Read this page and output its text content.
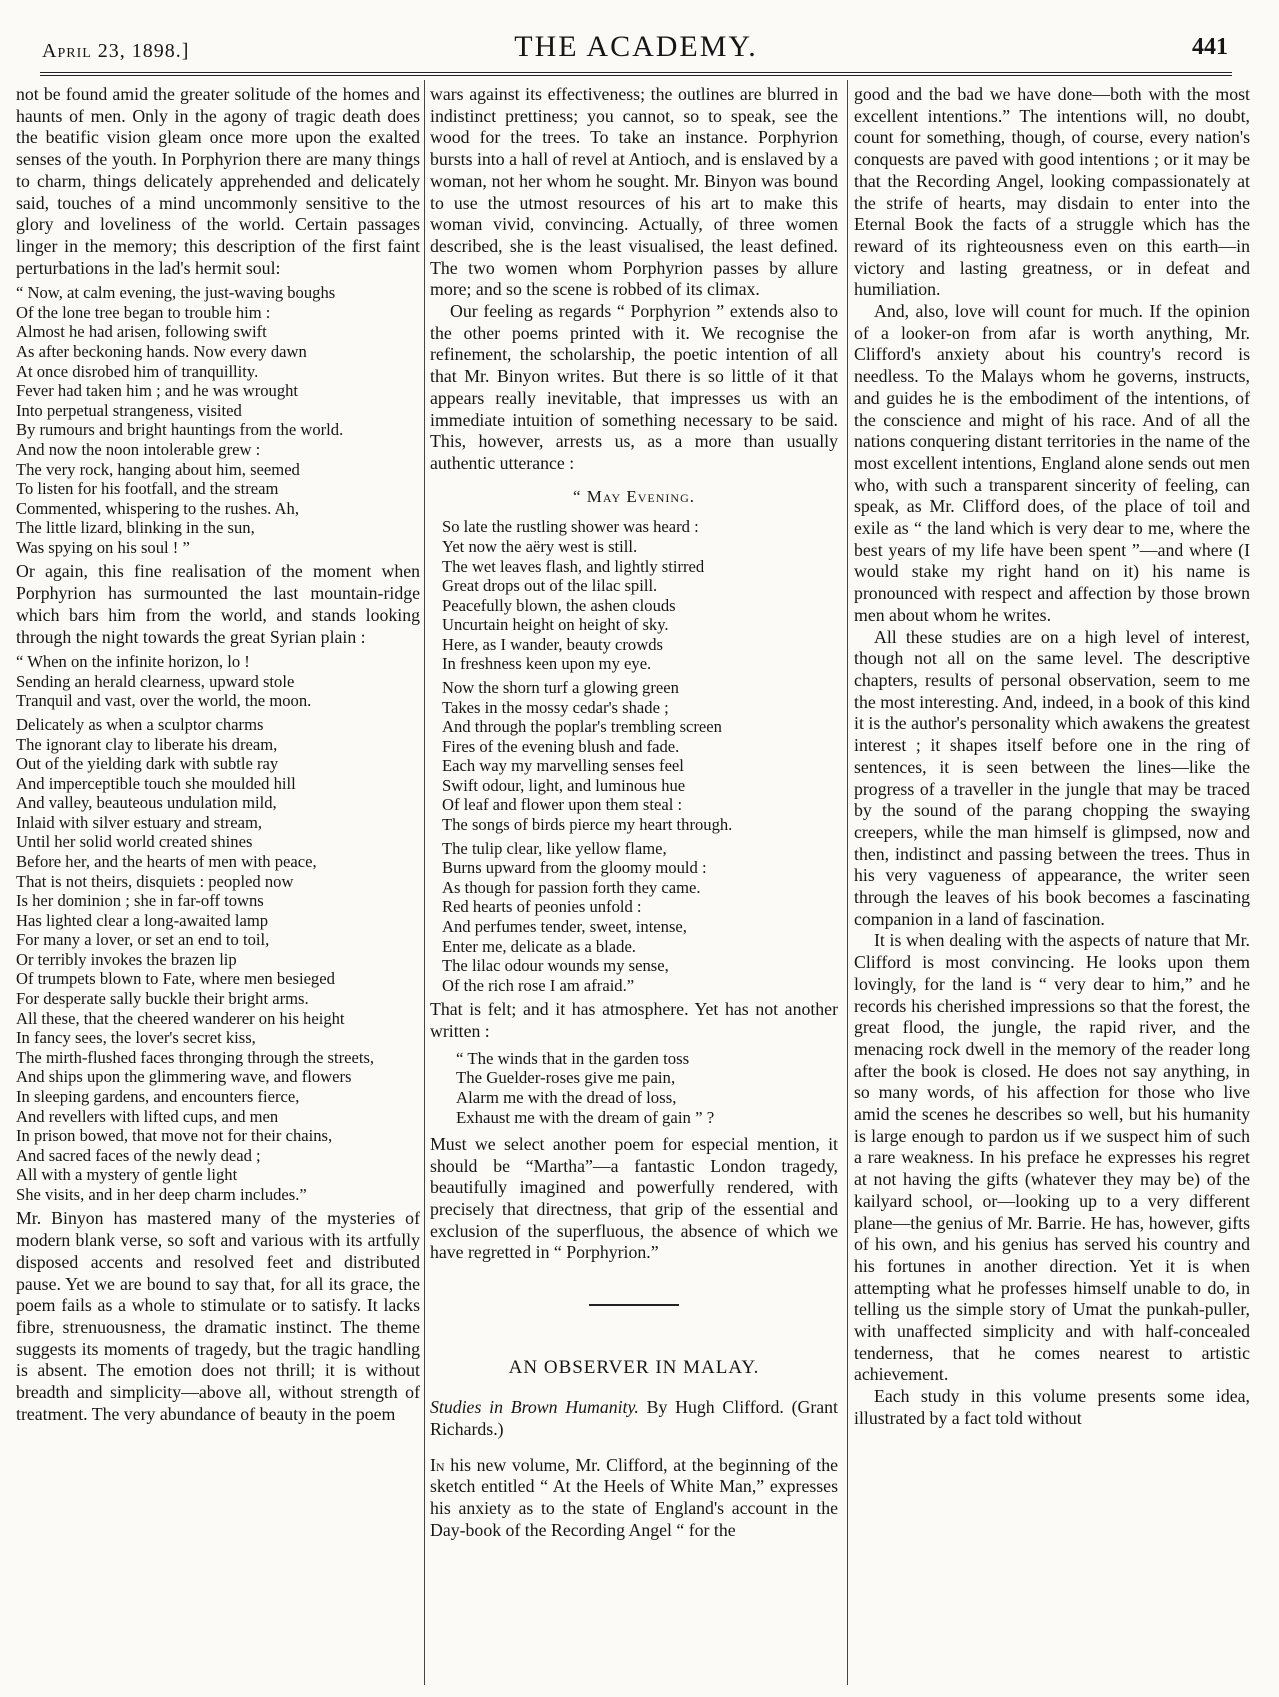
April 23, 1898.]	THE ACADEMY.	441

not be found amid the greater solitude of the homes and haunts of men. Only in the agony of tragic death does the beatific vision gleam once more upon the exalted senses of the youth. In Porphyrion there are many things to charm, things delicately apprehended and delicately said, touches of a mind uncommonly sensitive to the glory and loveliness of the world. Certain passages linger in the memory; this description of the first faint perturbations in the lad's hermit soul:

“ Now, at calm evening, the just-waving boughs
Of the lone tree began to trouble him :
Almost he had arisen, following swift
As after beckoning hands. Now every dawn
At once disrobed him of tranquillity.
Fever had taken him ; and he was wrought
Into perpetual strangeness, visited
By rumours and bright hauntings from the world.
And now the noon intolerable grew :
The very rock, hanging about him, seemed
To listen for his footfall, and the stream
Commented, whispering to the rushes. Ah,
The little lizard, blinking in the sun,
Was spying on his soul ! ”

Or again, this fine realisation of the moment when Porphyrion has surmounted the last mountain-ridge which bars him from the world, and stands looking through the night towards the great Syrian plain :

“ When on the infinite horizon, lo !
Sending an herald clearness, upward stole
Tranquil and vast, over the world, the moon.
Delicately as when a sculptor charms
The ignorant clay to liberate his dream,
Out of the yielding dark with subtle ray
And imperceptible touch she moulded hill
And valley, beauteous undulation mild,
Inlaid with silver estuary and stream,
Until her solid world created shines
Before her, and the hearts of men with peace,
That is not theirs, disquiets : peopled now
Is her dominion ; she in far-off towns
Has lighted clear a long-awaited lamp
For many a lover, or set an end to toil,
Or terribly invokes the brazen lip
Of trumpets blown to Fate, where men besieged
For desperate sally buckle their bright arms.
All these, that the cheered wanderer on his height
In fancy sees, the lover's secret kiss,
The mirth-flushed faces thronging through the streets,
And ships upon the glimmering wave, and flowers
In sleeping gardens, and encounters fierce,
And revellers with lifted cups, and men
In prison bowed, that move not for their chains,
And sacred faces of the newly dead ;
All with a mystery of gentle light
She visits, and in her deep charm includes.”

Mr. Binyon has mastered many of the mysteries of modern blank verse, so soft and various with its artfully disposed accents and resolved feet and distributed pause. Yet we are bound to say that, for all its grace, the poem fails as a whole to stimulate or to satisfy. It lacks fibre, strenuousness, the dramatic instinct. The theme suggests its moments of tragedy, but the tragic handling is absent. The emotion does not thrill; it is without breadth and simplicity—above all, without strength of treatment. The very abundance of beauty in the poem

wars against its effectiveness; the outlines are blurred in indistinct prettiness; you cannot, so to speak, see the wood for the trees. To take an instance. Porphyrion bursts into a hall of revel at Antioch, and is enslaved by a woman, not her whom he sought. Mr. Binyon was bound to use the utmost resources of his art to make this woman vivid, convincing. Actually, of three women described, she is the least visualised, the least defined. The two women whom Porphyrion passes by allure more; and so the scene is robbed of its climax.

Our feeling as regards “ Porphyrion ” extends also to the other poems printed with it. We recognise the refinement, the scholarship, the poetic intention of all that Mr. Binyon writes. But there is so little of it that appears really inevitable, that impresses us with an immediate intuition of something necessary to be said. This, however, arrests us, as a more than usually authentic utterance :

“ May Evening.
So late the rustling shower was heard :
Yet now the aëry west is still.
The wet leaves flash, and lightly stirred
Great drops out of the lilac spill.
Peacefully blown, the ashen clouds
Uncurtain height on height of sky.
Here, as I wander, beauty crowds
In freshness keen upon my eye.
Now the shorn turf a glowing green
Takes in the mossy cedar's shade ;
And through the poplar's trembling screen
Fires of the evening blush and fade.
Each way my marvelling senses feel
Swift odour, light, and luminous hue
Of leaf and flower upon them steal :
The songs of birds pierce my heart through.
The tulip clear, like yellow flame,
Burns upward from the gloomy mould :
As though for passion forth they came.
Red hearts of peonies unfold :
And perfumes tender, sweet, intense,
Enter me, delicate as a blade.
The lilac odour wounds my sense,
Of the rich rose I am afraid.”

That is felt; and it has atmosphere. Yet has not another written :

“ The winds that in the garden toss
The Guelder-roses give me pain,
Alarm me with the dread of loss,
Exhaust me with the dream of gain ” ?

Must we select another poem for especial mention, it should be “Martha”—a fantastic London tragedy, beautifully imagined and powerfully rendered, with precisely that directness, that grip of the essential and exclusion of the superfluous, the absence of which we have regretted in “ Porphyrion.”

AN OBSERVER IN MALAY.

Studies in Brown Humanity. By Hugh Clifford. (Grant Richards.)

In his new volume, Mr. Clifford, at the beginning of the sketch entitled “ At the Heels of White Man,” expresses his anxiety as to the state of England's account in the Day-book of the Recording Angel “ for the

good and the bad we have done—both with the most excellent intentions.” The intentions will, no doubt, count for something, though, of course, every nation's conquests are paved with good intentions ; or it may be that the Recording Angel, looking compassionately at the strife of hearts, may disdain to enter into the Eternal Book the facts of a struggle which has the reward of its righteousness even on this earth—in victory and lasting greatness, or in defeat and humiliation.

And, also, love will count for much. If the opinion of a looker-on from afar is worth anything, Mr. Clifford's anxiety about his country's record is needless. To the Malays whom he governs, instructs, and guides he is the embodiment of the intentions, of the conscience and might of his race. And of all the nations conquering distant territories in the name of the most excellent intentions, England alone sends out men who, with such a transparent sincerity of feeling, can speak, as Mr. Clifford does, of the place of toil and exile as “ the land which is very dear to me, where the best years of my life have been spent ”—and where (I would stake my right hand on it) his name is pronounced with respect and affection by those brown men about whom he writes.

All these studies are on a high level of interest, though not all on the same level. The descriptive chapters, results of personal observation, seem to me the most interesting. And, indeed, in a book of this kind it is the author's personality which awakens the greatest interest ; it shapes itself before one in the ring of sentences, it is seen between the lines—like the progress of a traveller in the jungle that may be traced by the sound of the parang chopping the swaying creepers, while the man himself is glimpsed, now and then, indistinct and passing between the trees. Thus in his very vagueness of appearance, the writer seen through the leaves of his book becomes a fascinating companion in a land of fascination.

It is when dealing with the aspects of nature that Mr. Clifford is most convincing. He looks upon them lovingly, for the land is “ very dear to him,” and he records his cherished impressions so that the forest, the great flood, the jungle, the rapid river, and the menacing rock dwell in the memory of the reader long after the book is closed. He does not say anything, in so many words, of his affection for those who live amid the scenes he describes so well, but his humanity is large enough to pardon us if we suspect him of such a rare weakness. In his preface he expresses his regret at not having the gifts (whatever they may be) of the kailyard school, or—looking up to a very different plane—the genius of Mr. Barrie. He has, however, gifts of his own, and his genius has served his country and his fortunes in another direction. Yet it is when attempting what he professes himself unable to do, in telling us the simple story of Umat the punkah-puller, with unaffected simplicity and with half-concealed tenderness, that he comes nearest to artistic achievement.

Each study in this volume presents some idea, illustrated by a fact told without
